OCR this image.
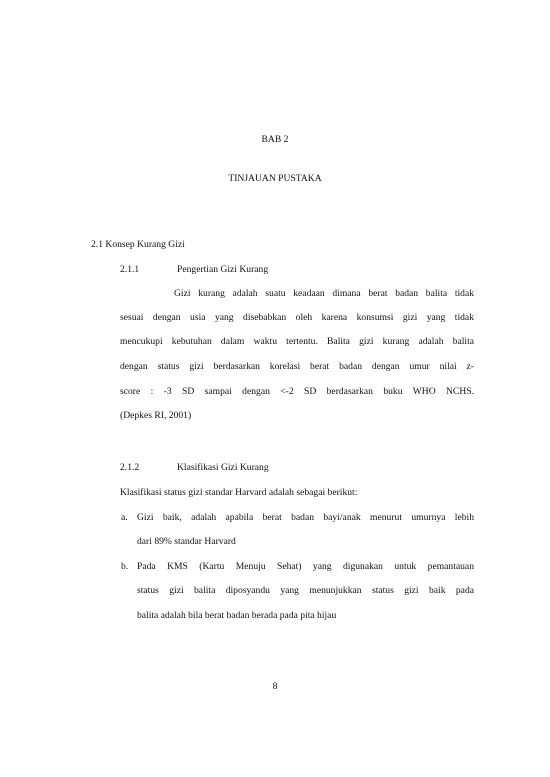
BAB 2

TINJAUAN PUSTAKA

2.1 Konsep Kurang Gizi

2.1.1	Pengertian Gizi Kurang

Gizi kurang adalah suatu keadaan dimana berat badan balita tidak

sesuai dengan usia yang disebabkan oleh karena konsumsi gizi yang tidak

mencukupi kebutuhan dalam waktu tertentu. Balita gizi kurang adalah balita

dengan status gizi berdasarkan korelasi berat badan dengan umur nilai z-

score : -3 SD sampai dengan <-2 SD berdasarkan buku WHO NCHS.

(Depkes RI, 2001)

2.1.2	Klasifikasi Gizi Kurang

Klasifikasi status gizi standar Harvard adalah sebagai berikut:

a. Gizi baik, adalah apabila berat badan bayi/anak menurut umurnya lebih

dari 89% standar Harvard

b. Pada KMS (Kartu Menuju Sehat) yang digunakan untuk pemantauan

status gizi balita diposyandu yang menunjukkan status gizi baik pada

balita adalah bila berat badan berada pada pita hijau

8
